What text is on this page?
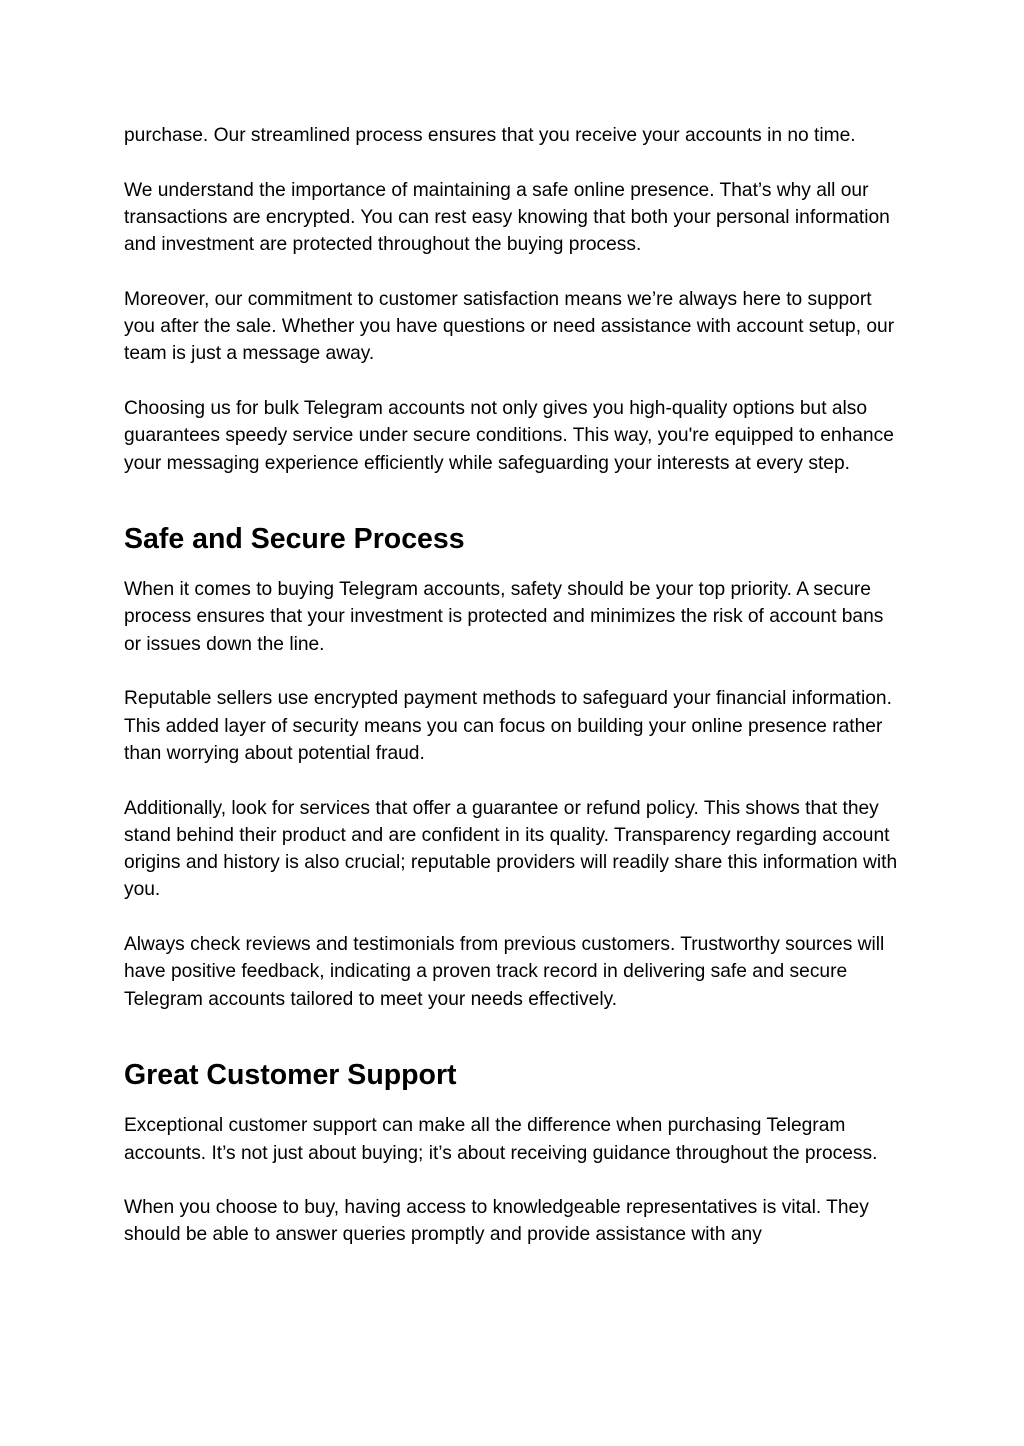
purchase. Our streamlined process ensures that you receive your accounts in no time.

We understand the importance of maintaining a safe online presence. That’s why all our transactions are encrypted. You can rest easy knowing that both your personal information and investment are protected throughout the buying process.

Moreover, our commitment to customer satisfaction means we’re always here to support you after the sale. Whether you have questions or need assistance with account setup, our team is just a message away.

Choosing us for bulk Telegram accounts not only gives you high-quality options but also guarantees speedy service under secure conditions. This way, you're equipped to enhance your messaging experience efficiently while safeguarding your interests at every step.

Safe and Secure Process

When it comes to buying Telegram accounts, safety should be your top priority. A secure process ensures that your investment is protected and minimizes the risk of account bans or issues down the line.

Reputable sellers use encrypted payment methods to safeguard your financial information. This added layer of security means you can focus on building your online presence rather than worrying about potential fraud.

Additionally, look for services that offer a guarantee or refund policy. This shows that they stand behind their product and are confident in its quality. Transparency regarding account origins and history is also crucial; reputable providers will readily share this information with you.

Always check reviews and testimonials from previous customers. Trustworthy sources will have positive feedback, indicating a proven track record in delivering safe and secure Telegram accounts tailored to meet your needs effectively.

Great Customer Support

Exceptional customer support can make all the difference when purchasing Telegram accounts. It’s not just about buying; it’s about receiving guidance throughout the process.

When you choose to buy, having access to knowledgeable representatives is vital. They should be able to answer queries promptly and provide assistance with any
